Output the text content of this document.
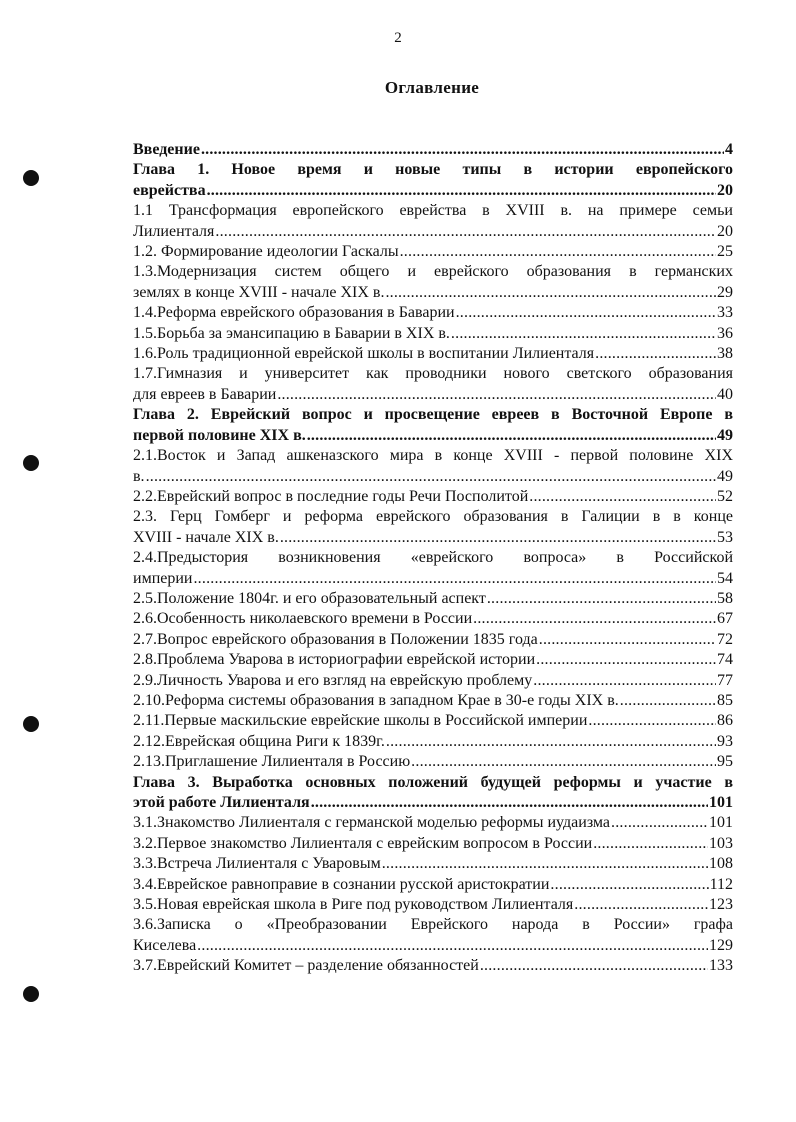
2
Оглавление
Введение .....	4
Глава 1. Новое время и новые типы в истории европейского
еврейства .....	20
1.1 Трансформация европейского еврейства в XVIII в. на примере семьи
Лилиенталя .....	20
1.2. Формирование идеологии Гаскалы .....	25
1.3.Модернизация систем общего и еврейского образования в германских
землях в конце XVIII - начале XIX в. .....	29
1.4.Реформа еврейского образования в Баварии .....	33
1.5.Борьба за эмансипацию в Баварии в XIX в. .....	36
1.6.Роль традиционной еврейской школы в воспитании Лилиенталя .....	38
1.7.Гимназия и университет как проводники нового светского образования
для евреев в Баварии .....	40
Глава 2. Еврейский вопрос и просвещение евреев в Восточной Европе в
первой половине XIX в. .....	49
2.1.Восток и Запад ашкеназского мира в конце XVIII - первой половине XIX
в. .....	49
2.2.Еврейский вопрос в последние годы Речи Посполитой .....	52
2.3. Герц Гомберг и реформа еврейского образования в Галиции в в конце
XVIII - начале XIX в. .....	53
2.4.Предыстория возникновения «еврейского вопроса» в Российской
империи .....	54
2.5.Положение 1804г. и его образовательный аспект .....	58
2.6.Особенность николаевского времени в России .....	67
2.7.Вопрос еврейского образования в Положении 1835 года .....	72
2.8.Проблема Уварова в историографии еврейской истории .....	74
2.9.Личность Уварова и его взгляд на еврейскую проблему .....	77
2.10.Реформа системы образования в западном Крае в 30-е годы XIX в. .....	85
2.11.Первые маскильские еврейские школы в Российской империи .....	86
2.12.Еврейская община Риги к 1839г. .....	93
2.13.Приглашение Лилиенталя в Россию .....	95
Глава 3. Выработка основных положений будущей реформы и участие в
этой работе Лилиенталя .....	101
3.1.Знакомство Лилиенталя с германской моделью реформы иудаизма .....	101
3.2.Первое знакомство Лилиенталя с еврейским вопросом в России .....	103
3.3.Встреча Лилиенталя с Уваровым .....	108
3.4.Еврейское равноправие в сознании русской аристократии .....	112
3.5.Новая еврейская школа в Риге под руководством Лилиенталя .....	123
3.6.Записка о «Преобразовании Еврейского народа в России» графа
Киселева .....	129
3.7.Еврейский Комитет – разделение обязанностей .....	133
